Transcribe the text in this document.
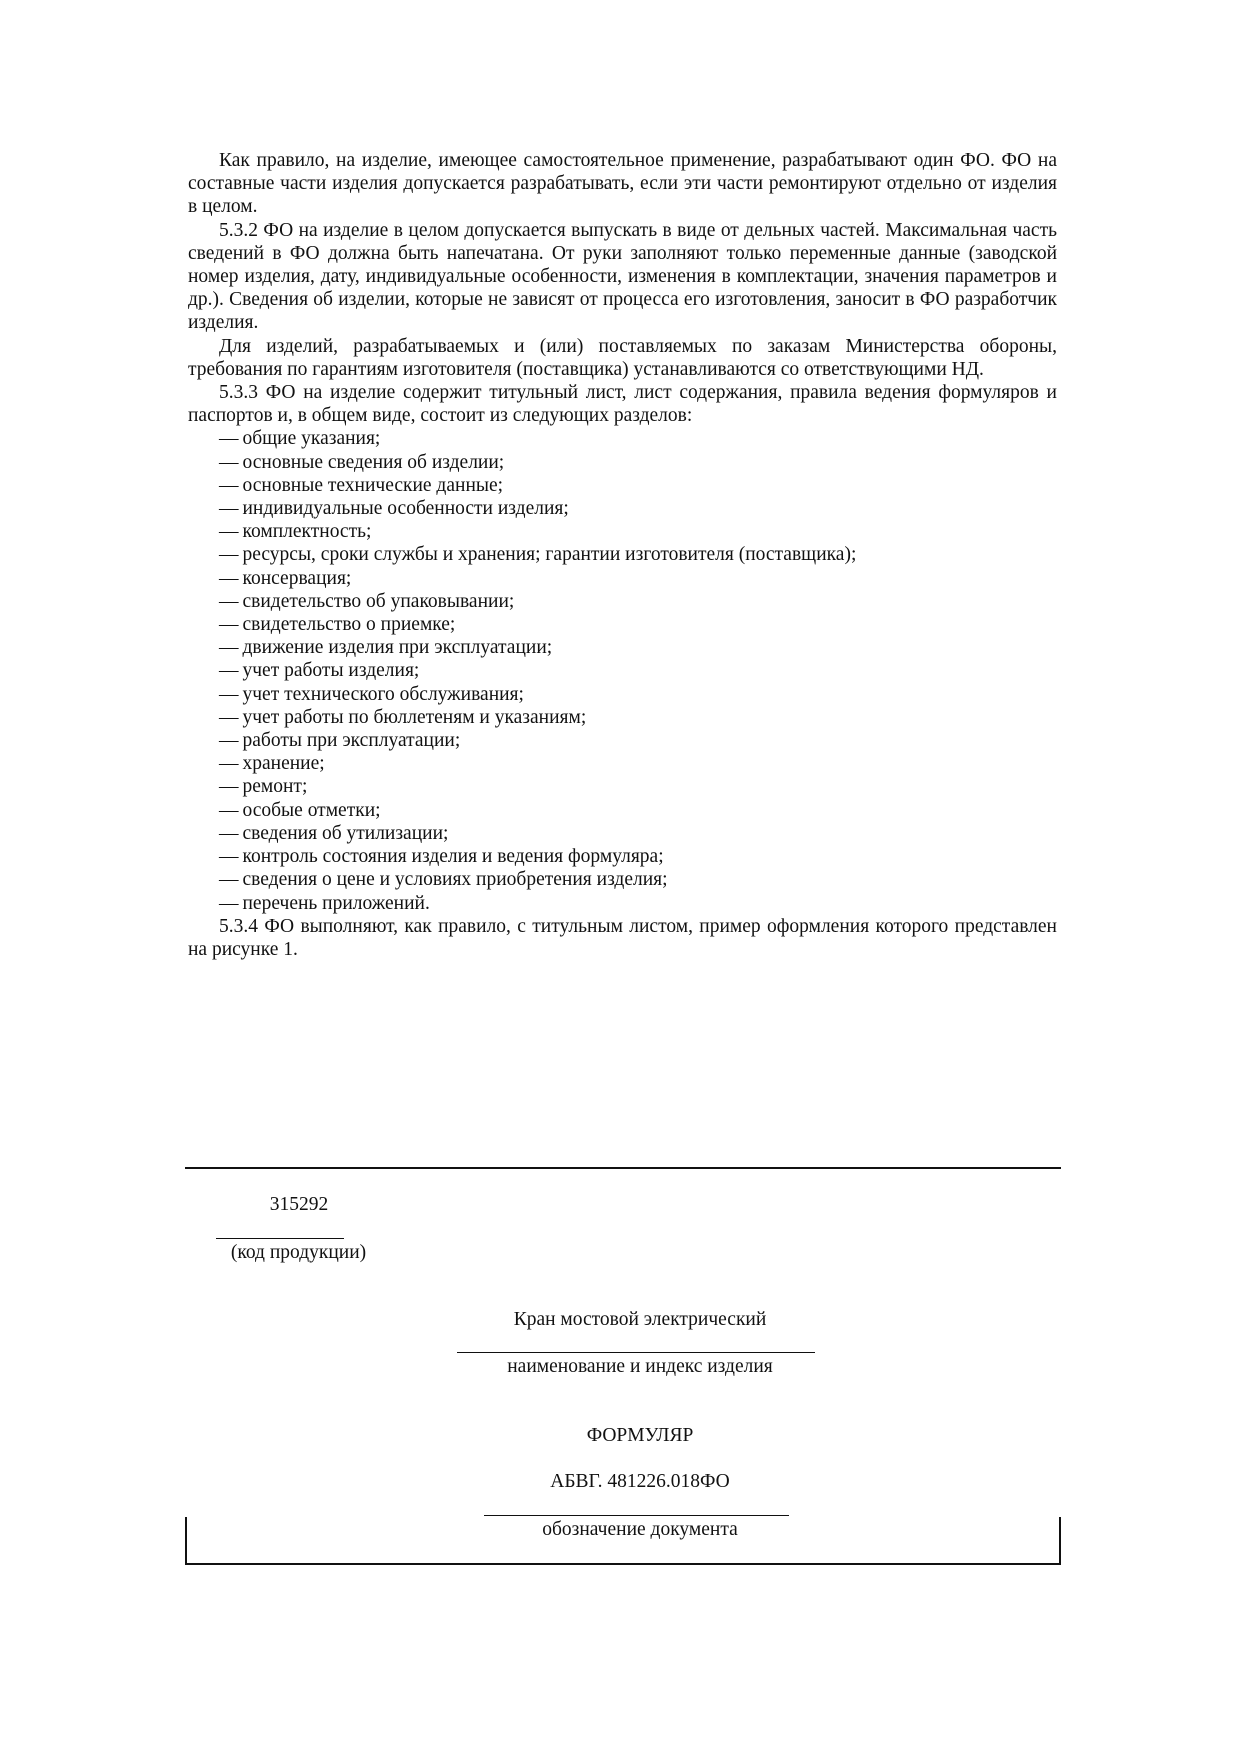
Как правило, на изделие, имеющее самостоятельное применение, разрабатывают один ФО. ФО на составные части изделия допускается разрабатывать, если эти части ремонтируют отдельно от изделия в целом.

5.3.2 ФО на изделие в целом допускается выпускать в виде от дельных частей. Максимальная часть сведений в ФО должна быть напечатана. От руки заполняют только переменные данные (заводской номер изделия, дату, индивидуальные особенности, изменения в комплектации, значения параметров и др.). Сведения об изделии, которые не зависят от процесса его изготовления, заносит в ФО разработчик изделия.

Для изделий, разрабатываемых и (или) поставляемых по заказам Министерства обороны, требования по гарантиям изготовителя (поставщика) устанавливаются со ответствующими НД.

5.3.3 ФО на изделие содержит титульный лист, лист содержания, правила ведения формуляров и паспортов и, в общем виде, состоит из следующих разделов:

— общие указания;
— основные сведения об изделии;
— основные технические данные;
— индивидуальные особенности изделия;
— комплектность;
— ресурсы, сроки службы и хранения; гарантии изготовителя (поставщика);
— консервация;
— свидетельство об упаковывании;
— свидетельство о приемке;
— движение изделия при эксплуатации;
— учет работы изделия;
— учет технического обслуживания;
— учет работы по бюллетеням и указаниям;
— работы при эксплуатации;
— хранение;
— ремонт;
— особые отметки;
— сведения об утилизации;
— контроль состояния изделия и ведения формуляра;
— сведения о цене и условиях приобретения изделия;
— перечень приложений.

5.3.4 ФО выполняют, как правило, с титульным листом, пример оформления которого представлен на рисунке 1.

315292
(код продукции)
Кран мостовой электрический
наименование и индекс изделия
ФОРМУЛЯР
АБВГ. 481226.018ФО
обозначение документа
